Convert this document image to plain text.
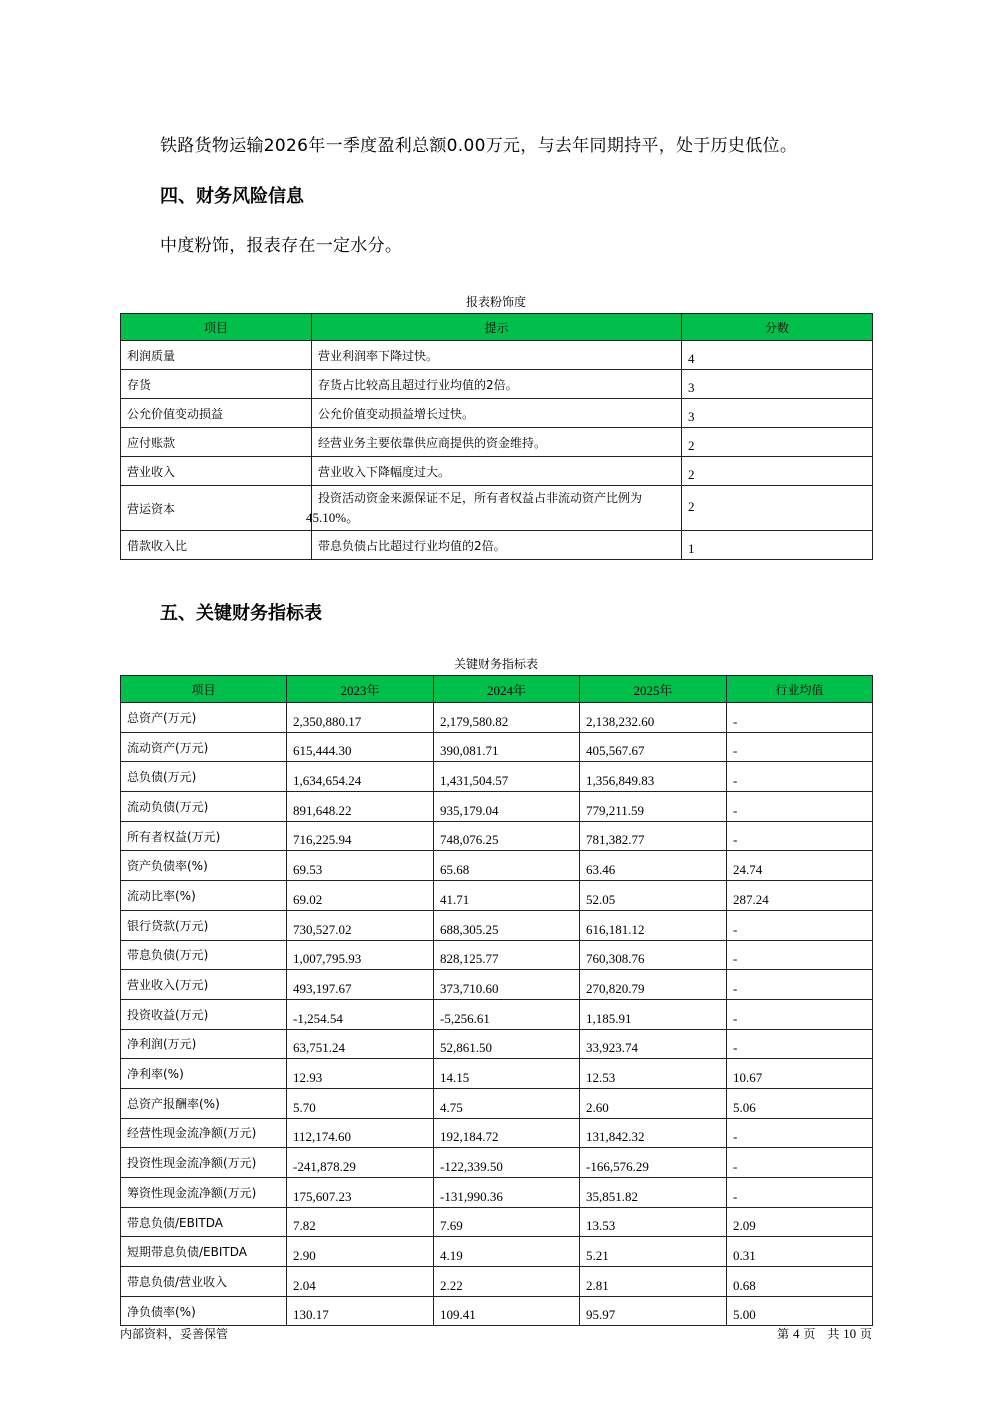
铁路货物运输2026年一季度盈利总额0.00万元，与去年同期持平，处于历史低位。

四、财务风险信息

中度粉饰，报表存在一定水分。

报表粉饰度

项目	提示	分数
利润质量	营业利润率下降过快。	4
存货	存货占比较高且超过行业均值的2倍。	3
公允价值变动损益	公允价值变动损益增长过快。	3
应付账款	经营业务主要依靠供应商提供的资金维持。	2
营业收入	营业收入下降幅度过大。	2
营运资本	投资活动资金来源保证不足，所有者权益占非流动资产比例为
45.10%。	2
借款收入比	带息负债占比超过行业均值的2倍。	1
五、关键财务指标表

关键财务指标表

项目	2023年	2024年	2025年	行业均值
总资产(万元)	2,350,880.17	2,179,580.82	2,138,232.60	-
流动资产(万元)	615,444.30	390,081.71	405,567.67	-
总负债(万元)	1,634,654.24	1,431,504.57	1,356,849.83	-
流动负债(万元)	891,648.22	935,179.04	779,211.59	-
所有者权益(万元)	716,225.94	748,076.25	781,382.77	-
资产负债率(%)	69.53	65.68	63.46	24.74
流动比率(%)	69.02	41.71	52.05	287.24
银行贷款(万元)	730,527.02	688,305.25	616,181.12	-
带息负债(万元)	1,007,795.93	828,125.77	760,308.76	-
营业收入(万元)	493,197.67	373,710.60	270,820.79	-
投资收益(万元)	-1,254.54	-5,256.61	1,185.91	-
净利润(万元)	63,751.24	52,861.50	33,923.74	-
净利率(%)	12.93	14.15	12.53	10.67
总资产报酬率(%)	5.70	4.75	2.60	5.06
经营性现金流净额(万元)	112,174.60	192,184.72	131,842.32	-
投资性现金流净额(万元)	-241,878.29	-122,339.50	-166,576.29	-
筹资性现金流净额(万元)	175,607.23	-131,990.36	35,851.82	-
带息负债/EBITDA	7.82	7.69	13.53	2.09
短期带息负债/EBITDA	2.90	4.19	5.21	0.31
带息负债/营业收入	2.04	2.22	2.81	0.68
净负债率(%)	130.17	109.41	95.97	5.00
内部资料，妥善保管	第 4 页　共 10 页
